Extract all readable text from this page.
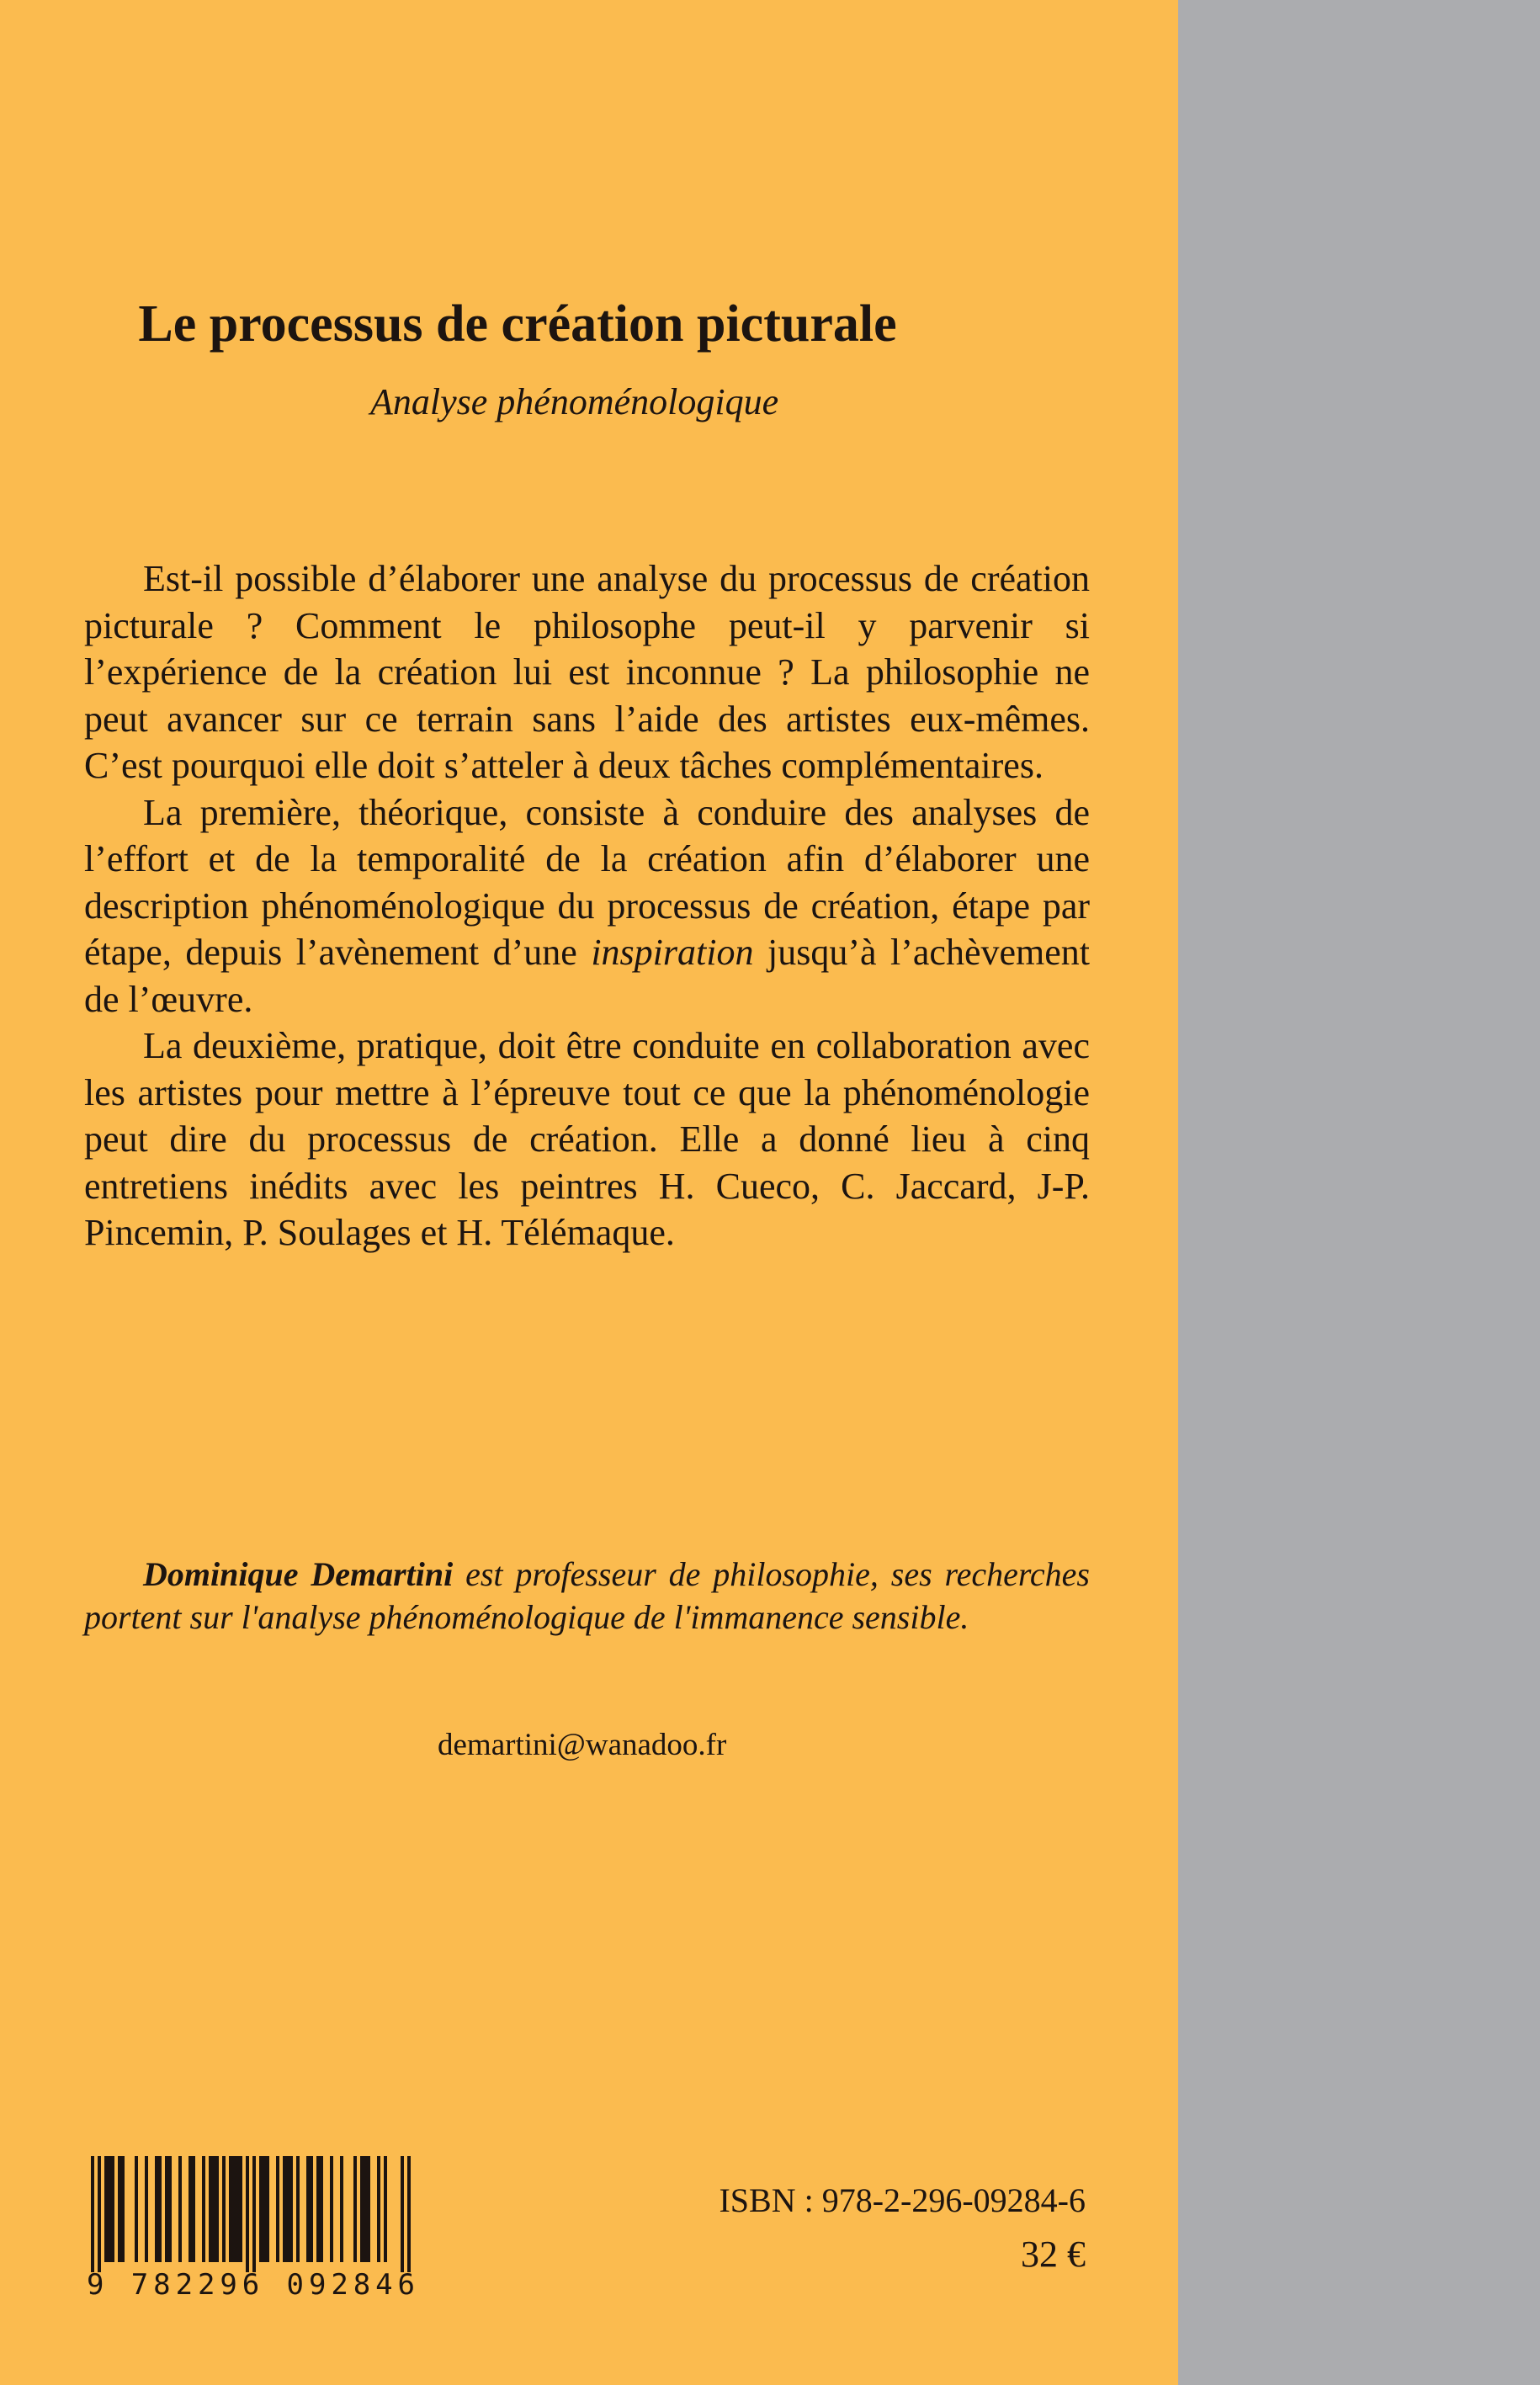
Le processus de création picturale
Analyse phénoménologique

Est-il possible d’élaborer une analyse du processus de création picturale ? Comment le philosophe peut-il y parvenir si l’expérience de la création lui est inconnue ? La philosophie ne peut avancer sur ce terrain sans l’aide des artistes eux-mêmes. C’est pourquoi elle doit s’atteler à deux tâches complémentaires.

La première, théorique, consiste à conduire des analyses de l’effort et de la temporalité de la création afin d’élaborer une description phénoménologique du processus de création, étape par étape, depuis l’avènement d’une inspiration jusqu’à l’achèvement de l’œuvre.

La deuxième, pratique, doit être conduite en collaboration avec les artistes pour mettre à l’épreuve tout ce que la phénoménologie peut dire du processus de création. Elle a donné lieu à cinq entretiens inédits avec les peintres H. Cueco, C. Jaccard, J-P. Pincemin, P. Soulages et H. Télémaque.

Dominique Demartini est professeur de philosophie, ses recherches portent sur l'analyse phénoménologique de l'immanence sensible.

demartini@wanadoo.fr
9 782296 092846
ISBN : 978-2-296-09284-6
32 €
